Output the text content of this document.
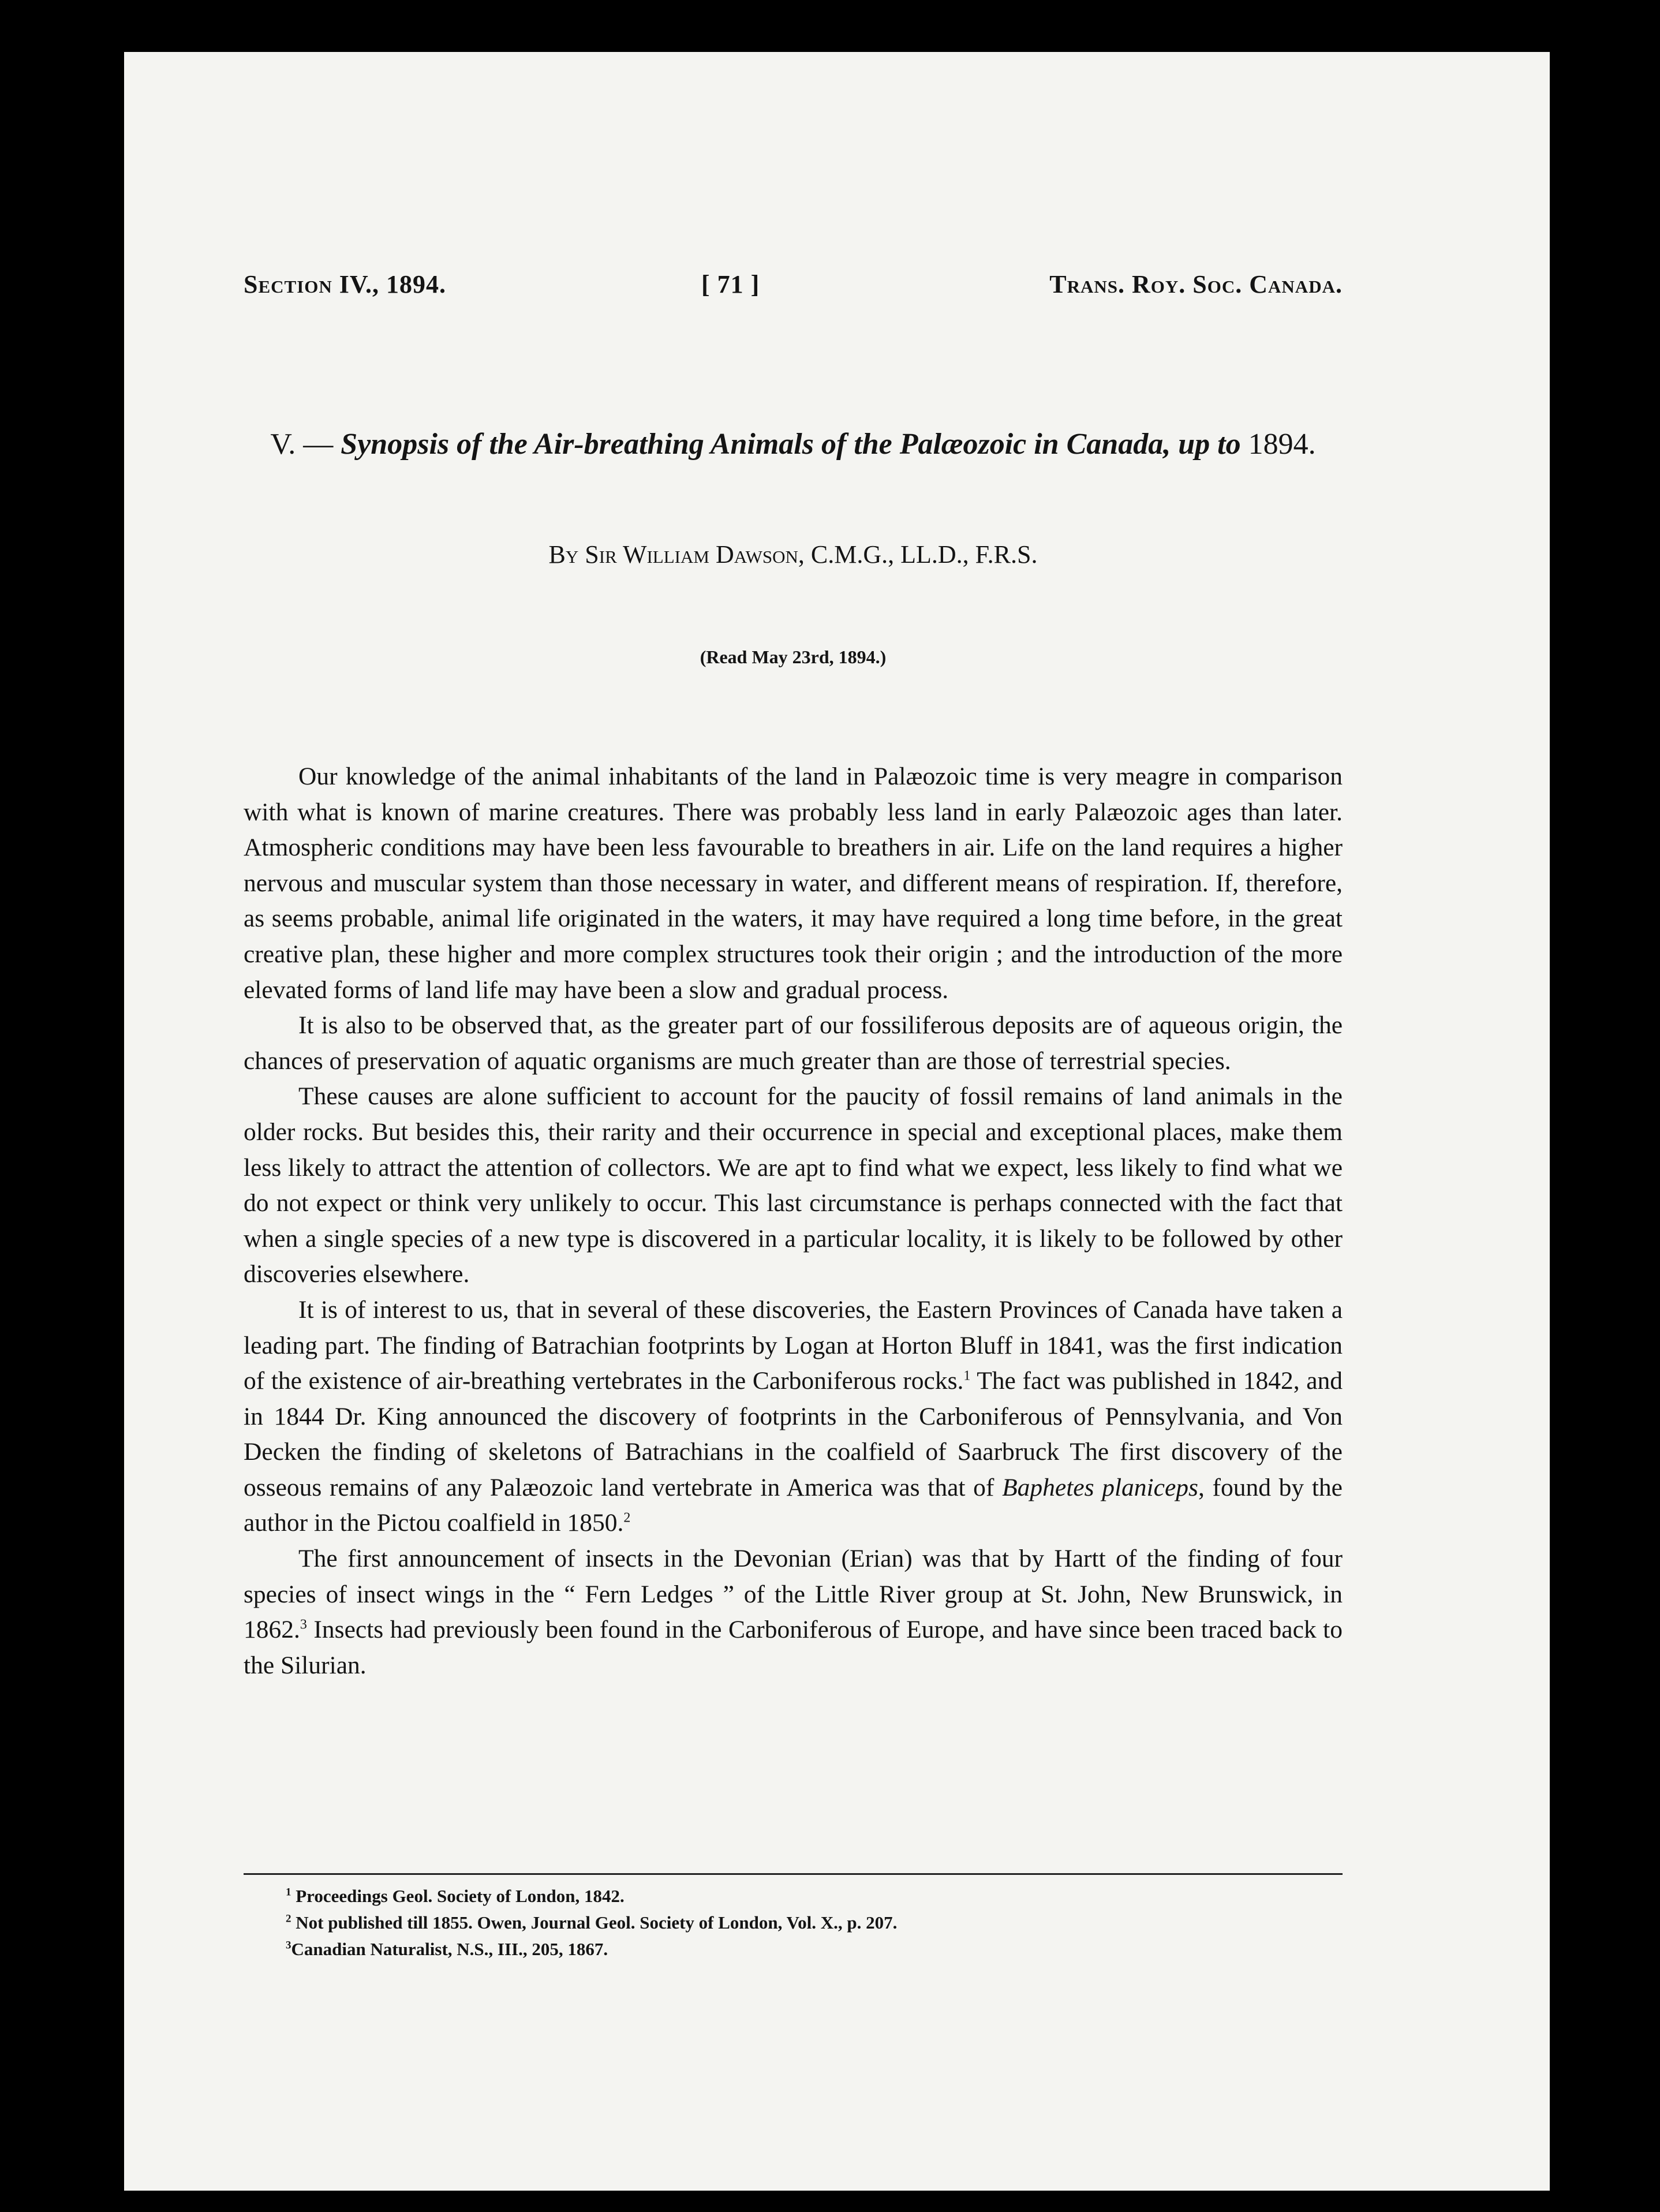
Section IV., 1894.	[ 71 ]	Trans. Roy. Soc. Canada.
V. — Synopsis of the Air-breathing Animals of the Palæozoic in Canada, up to 1894.
By Sir William Dawson, C.M.G., LL.D., F.R.S.
(Read May 23rd, 1894.)

Our knowledge of the animal inhabitants of the land in Palæozoic time is very meagre in comparison with what is known of marine creatures. There was probably less land in early Palæozoic ages than later. Atmospheric conditions may have been less favourable to breathers in air. Life on the land requires a higher nervous and muscular system than those necessary in water, and different means of respiration. If, therefore, as seems probable, animal life originated in the waters, it may have required a long time before, in the great creative plan, these higher and more complex structures took their origin ; and the introduction of the more elevated forms of land life may have been a slow and gradual process.

It is also to be observed that, as the greater part of our fossiliferous deposits are of aqueous origin, the chances of preservation of aquatic organisms are much greater than are those of terrestrial species.

These causes are alone sufficient to account for the paucity of fossil remains of land animals in the older rocks. But besides this, their rarity and their occurrence in special and exceptional places, make them less likely to attract the attention of collectors. We are apt to find what we expect, less likely to find what we do not expect or think very unlikely to occur. This last circumstance is perhaps connected with the fact that when a single species of a new type is discovered in a particular locality, it is likely to be followed by other discoveries elsewhere.

It is of interest to us, that in several of these discoveries, the Eastern Provinces of Canada have taken a leading part. The finding of Batrachian footprints by Logan at Horton Bluff in 1841, was the first indication of the existence of air-breathing vertebrates in the Carboniferous rocks.$^1$ The fact was published in 1842, and in 1844 Dr. King announced the discovery of footprints in the Carboniferous of Pennsylvania, and Von Decken the finding of skeletons of Batrachians in the coalfield of Saarbruck The first discovery of the osseous remains of any Palæozoic land vertebrate in America was that of Baphetes planiceps, found by the author in the Pictou coalfield in 1850.$^2$

The first announcement of insects in the Devonian (Erian) was that by Hartt of the finding of four species of insect wings in the “ Fern Ledges ” of the Little River group at St. John, New Brunswick, in 1862.$^3$ Insects had previously been found in the Carboniferous of Europe, and have since been traced back to the Silurian.

$^1$ Proceedings Geol. Society of London, 1842.
$^2$ Not published till 1855. Owen, Journal Geol. Society of London, Vol. X., p. 207.
$^3$Canadian Naturalist, N.S., III., 205, 1867.
